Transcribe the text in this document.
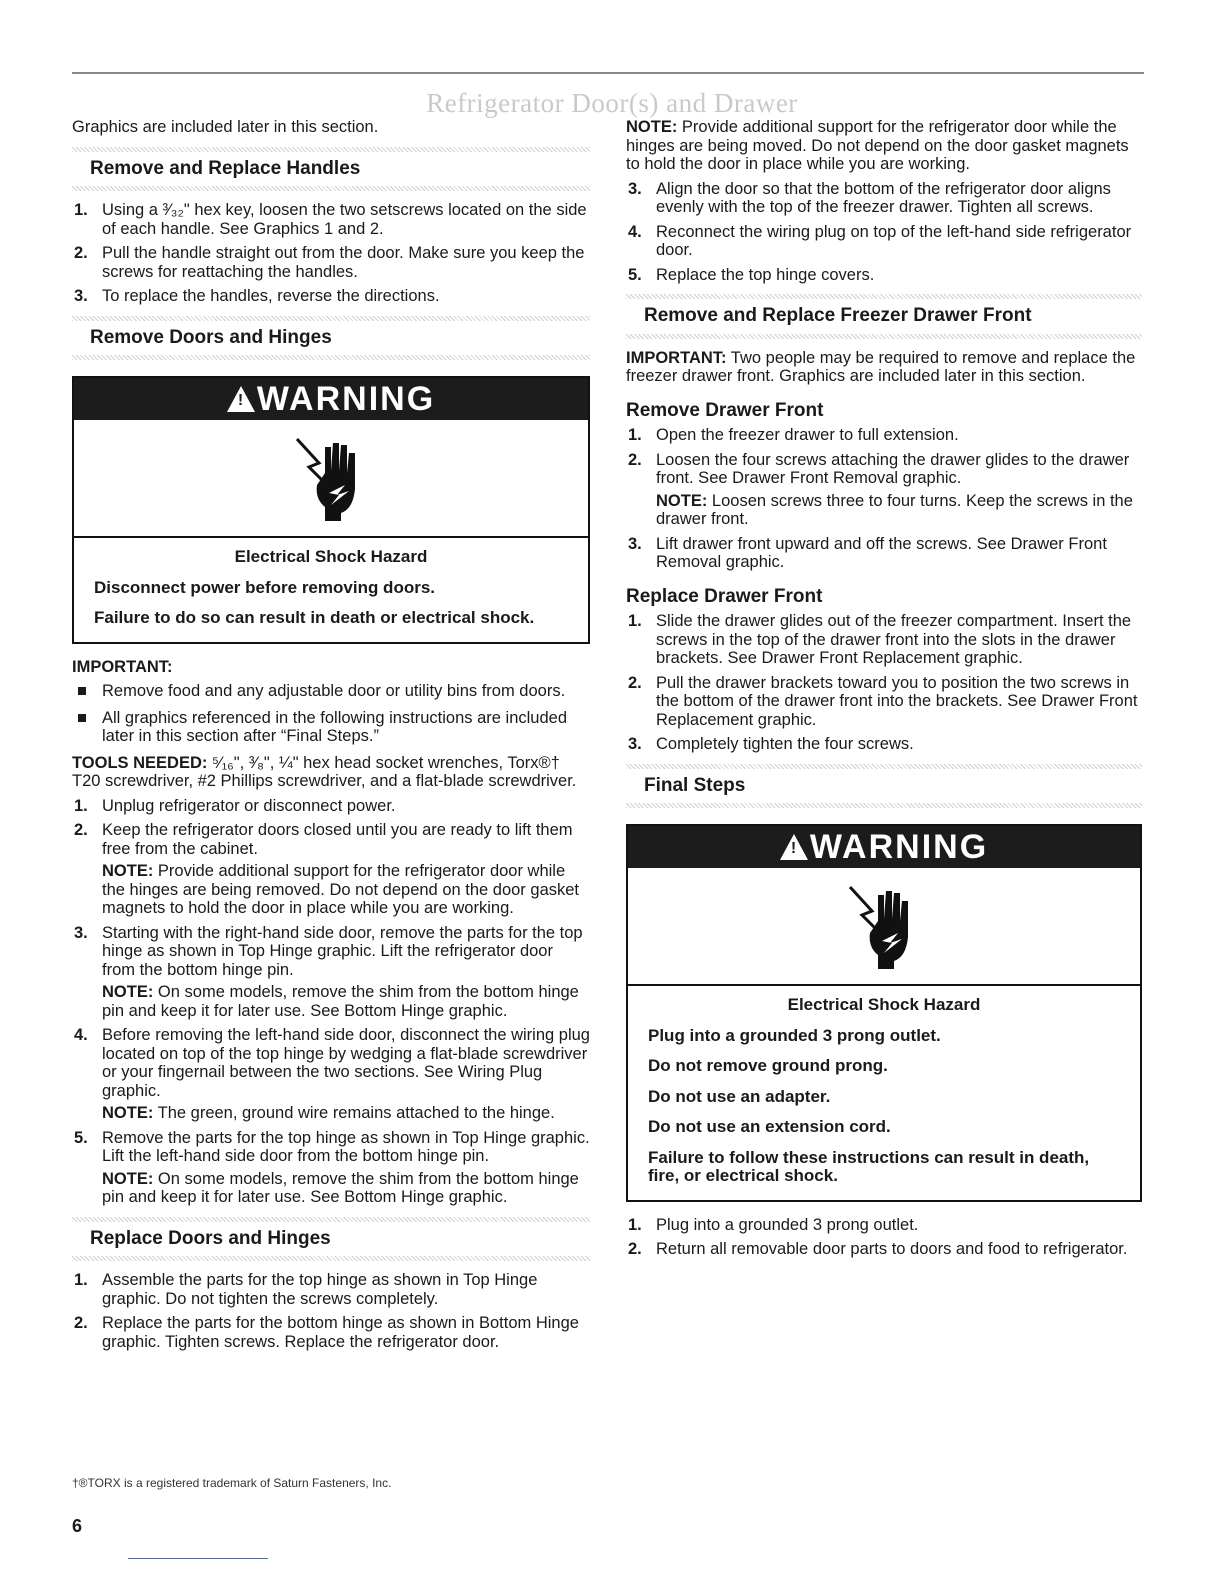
Refrigerator Door(s) and Drawer

Graphics are included later in this section.

Remove and Replace Handles
1. Using a ³⁄₃₂" hex key, loosen the two setscrews located on the side of each handle. See Graphics 1 and 2.
2. Pull the handle straight out from the door. Make sure you keep the screws for reattaching the handles.
3. To replace the handles, reverse the directions.
Remove Doors and Hinges
!WARNING
Electrical Shock Hazard
Disconnect power before removing doors.
Failure to do so can result in death or electrical shock.
IMPORTANT:
Remove food and any adjustable door or utility bins from doors.
All graphics referenced in the following instructions are included later in this section after “Final Steps.”

TOOLS NEEDED: ⁵⁄₁₆", ³⁄₈", ¼" hex head socket wrenches, Torx®† T20 screwdriver, #2 Phillips screwdriver, and a flat-blade screwdriver.

1. Unplug refrigerator or disconnect power.
2. Keep the refrigerator doors closed until you are ready to lift them free from the cabinet.
NOTE: Provide additional support for the refrigerator door while the hinges are being removed. Do not depend on the door gasket magnets to hold the door in place while you are working.
3. Starting with the right-hand side door, remove the parts for the top hinge as shown in Top Hinge graphic. Lift the refrigerator door from the bottom hinge pin.
NOTE: On some models, remove the shim from the bottom hinge pin and keep it for later use. See Bottom Hinge graphic.
4. Before removing the left-hand side door, disconnect the wiring plug located on top of the top hinge by wedging a flat-blade screwdriver or your fingernail between the two sections. See Wiring Plug graphic.
NOTE: The green, ground wire remains attached to the hinge.
5. Remove the parts for the top hinge as shown in Top Hinge graphic. Lift the left-hand side door from the bottom hinge pin.
NOTE: On some models, remove the shim from the bottom hinge pin and keep it for later use. See Bottom Hinge graphic.
Replace Doors and Hinges
1. Assemble the parts for the top hinge as shown in Top Hinge graphic. Do not tighten the screws completely.
2. Replace the parts for the bottom hinge as shown in Bottom Hinge graphic. Tighten screws. Replace the refrigerator door.

NOTE: Provide additional support for the refrigerator door while the hinges are being moved. Do not depend on the door gasket magnets to hold the door in place while you are working.

3. Align the door so that the bottom of the refrigerator door aligns evenly with the top of the freezer drawer. Tighten all screws.
4. Reconnect the wiring plug on top of the left-hand side refrigerator door.
5. Replace the top hinge covers.
Remove and Replace Freezer Drawer Front

IMPORTANT: Two people may be required to remove and replace the freezer drawer front. Graphics are included later in this section.

Remove Drawer Front
1. Open the freezer drawer to full extension.
2. Loosen the four screws attaching the drawer glides to the drawer front. See Drawer Front Removal graphic.
NOTE: Loosen screws three to four turns. Keep the screws in the drawer front.
3. Lift drawer front upward and off the screws. See Drawer Front Removal graphic.
Replace Drawer Front
1. Slide the drawer glides out of the freezer compartment. Insert the screws in the top of the drawer front into the slots in the drawer brackets. See Drawer Front Replacement graphic.
2. Pull the drawer brackets toward you to position the two screws in the bottom of the drawer front into the brackets. See Drawer Front Replacement graphic.
3. Completely tighten the four screws.
Final Steps
!WARNING
Electrical Shock Hazard
Plug into a grounded 3 prong outlet.
Do not remove ground prong.
Do not use an adapter.
Do not use an extension cord.
Failure to follow these instructions can result in death, fire, or electrical shock.
1. Plug into a grounded 3 prong outlet.
2. Return all removable door parts to doors and food to refrigerator.
†®TORX is a registered trademark of Saturn Fasteners, Inc.
6
